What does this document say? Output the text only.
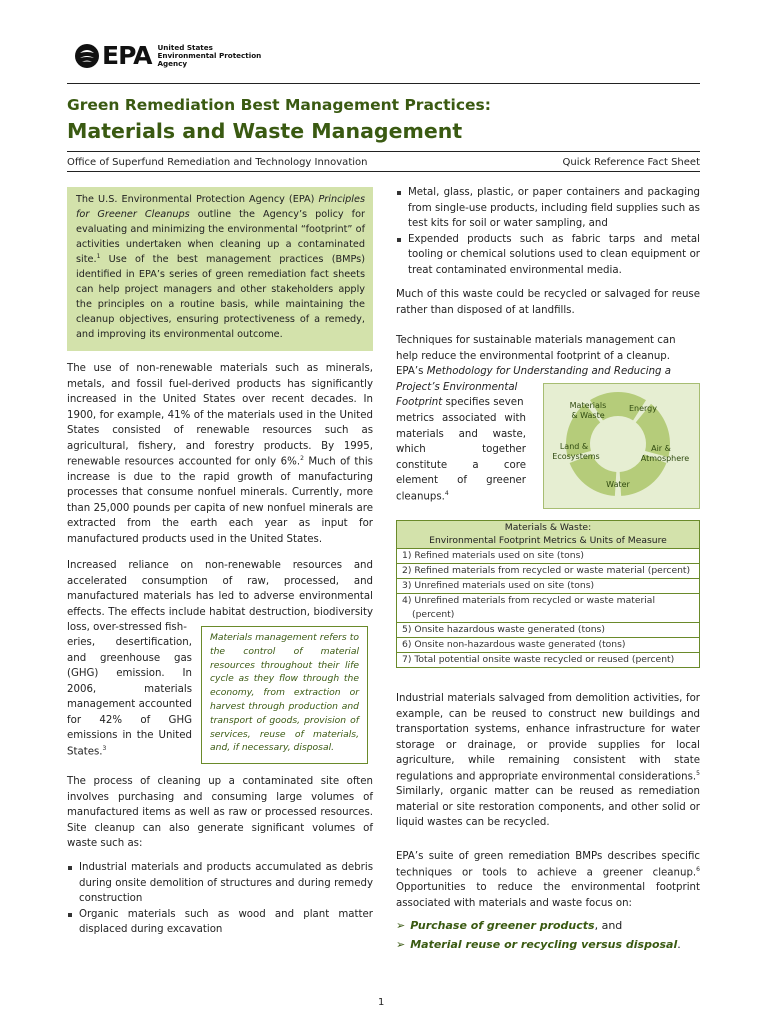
EPA United States
Environmental Protection
Agency
Green Remediation Best Management Practices:
Materials and Waste Management
Office of Superfund Remediation and Technology Innovation	Quick Reference Fact Sheet
The U.S. Environmental Protection Agency (EPA) Principles for Greener Cleanups outline the Agency’s policy for evaluating and minimizing the environmental “footprint” of activities undertaken when cleaning up a contaminated site.$^1$ Use of the best management practices (BMPs) identified in EPA’s series of green remediation fact sheets can help project managers and other stakeholders apply the principles on a routine basis, while maintaining the cleanup objectives, ensuring protectiveness of a remedy, and improving its environmental outcome.
The use of non-renewable materials such as minerals, metals, and fossil fuel-derived products has significantly increased in the United States over recent decades. In 1900, for example, 41% of the materials used in the United States consisted of renewable resources such as agricultural, fishery, and forestry products. By 1995, renewable resources accounted for only 6%.$^2$ Much of this increase is due to the rapid growth of manufacturing processes that consume nonfuel minerals. Currently, more than 25,000 pounds per capita of new nonfuel minerals are extracted from the earth each year as input for manufactured products used in the United States.
Increased reliance on non-renewable resources and accelerated consumption of raw, processed, and manufactured materials has led to adverse environmental effects. The effects include habitat destruction, biodiversity loss, over-stressed fish-
eries, desertification, and greenhouse gas (GHG) emission. In 2006, materials management accounted for 42% of GHG emissions in the United States.$^3$
Materials management refers to the control of material resources throughout their life cycle as they flow through the economy, from extraction or harvest through production and transport of goods, provision of services, reuse of materials, and, if necessary, disposal.
The process of cleaning up a contaminated site often involves purchasing and consuming large volumes of manufactured items as well as raw or processed resources. Site cleanup can also generate significant volumes of waste such as:
Industrial materials and products accumulated as debris during onsite demolition of structures and during remedy construction
Organic materials such as wood and plant matter displaced during excavation
Metal, glass, plastic, or paper containers and packaging from single-use products, including field supplies such as test kits for soil or water sampling, and
Expended products such as fabric tarps and metal tooling or chemical solutions used to clean equipment or treat contaminated environmental media.
Much of this waste could be recycled or salvaged for reuse rather than disposed of at landfills.
Techniques for sustainable materials management can
help reduce the environmental footprint of a cleanup.
EPA’s Methodology for Understanding and Reducing a
Project’s Environmental
Footprint specifies seven
metrics associated with materials and waste, which together constitute a core element of greener cleanups.$^4$
Materials
& Waste
Energy
Air &
Atmosphere
Water
Land &
Ecosystems
Materials & Waste:
Environmental Footprint Metrics & Units of Measure

1) Refined materials used on site (tons)
2) Refined materials from recycled or waste material (percent)
3) Unrefined materials used on site (tons)
4) Unrefined materials from recycled or waste material (percent)
5) Onsite hazardous waste generated (tons)
6) Onsite non-hazardous waste generated (tons)
7) Total potential onsite waste recycled or reused (percent)
Industrial materials salvaged from demolition activities, for example, can be reused to construct new buildings and transportation systems, enhance infrastructure for water storage or drainage, or provide supplies for local agriculture, while remaining consistent with state regulations and appropriate environmental considerations.$^5$ Similarly, organic matter can be reused as remediation material or site restoration components, and other solid or liquid wastes can be recycled.
EPA’s suite of green remediation BMPs describes specific techniques or tools to achieve a greener cleanup.$^6$ Opportunities to reduce the environmental footprint associated with materials and waste focus on:
➢ Purchase of greener products, and
➢ Material reuse or recycling versus disposal.
1
